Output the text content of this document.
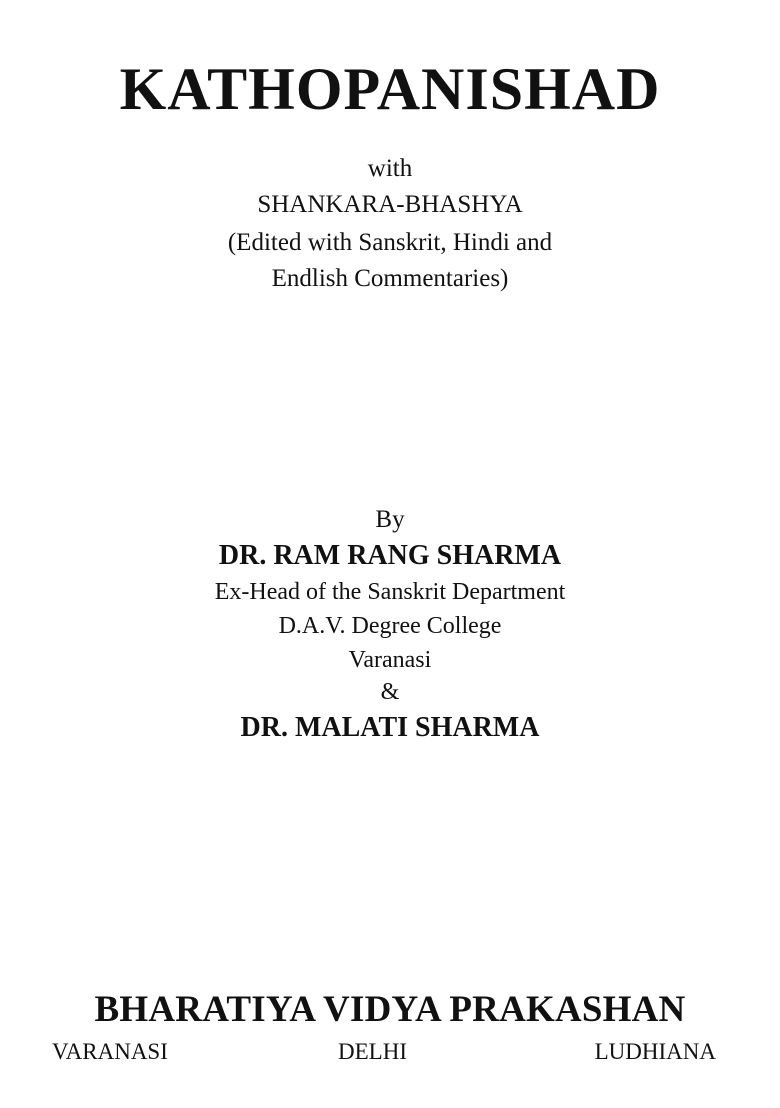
KATHOPANISHAD
with
SHANKARA-BHASHYA
(Edited with Sanskrit, Hindi and
Endlish Commentaries)
By
DR. RAM RANG SHARMA
Ex-Head of the Sanskrit Department
D.A.V. Degree College
Varanasi
&
DR. MALATI SHARMA
BHARATIYA VIDYA PRAKASHAN
VARANASI	DELHI	LUDHIANA
